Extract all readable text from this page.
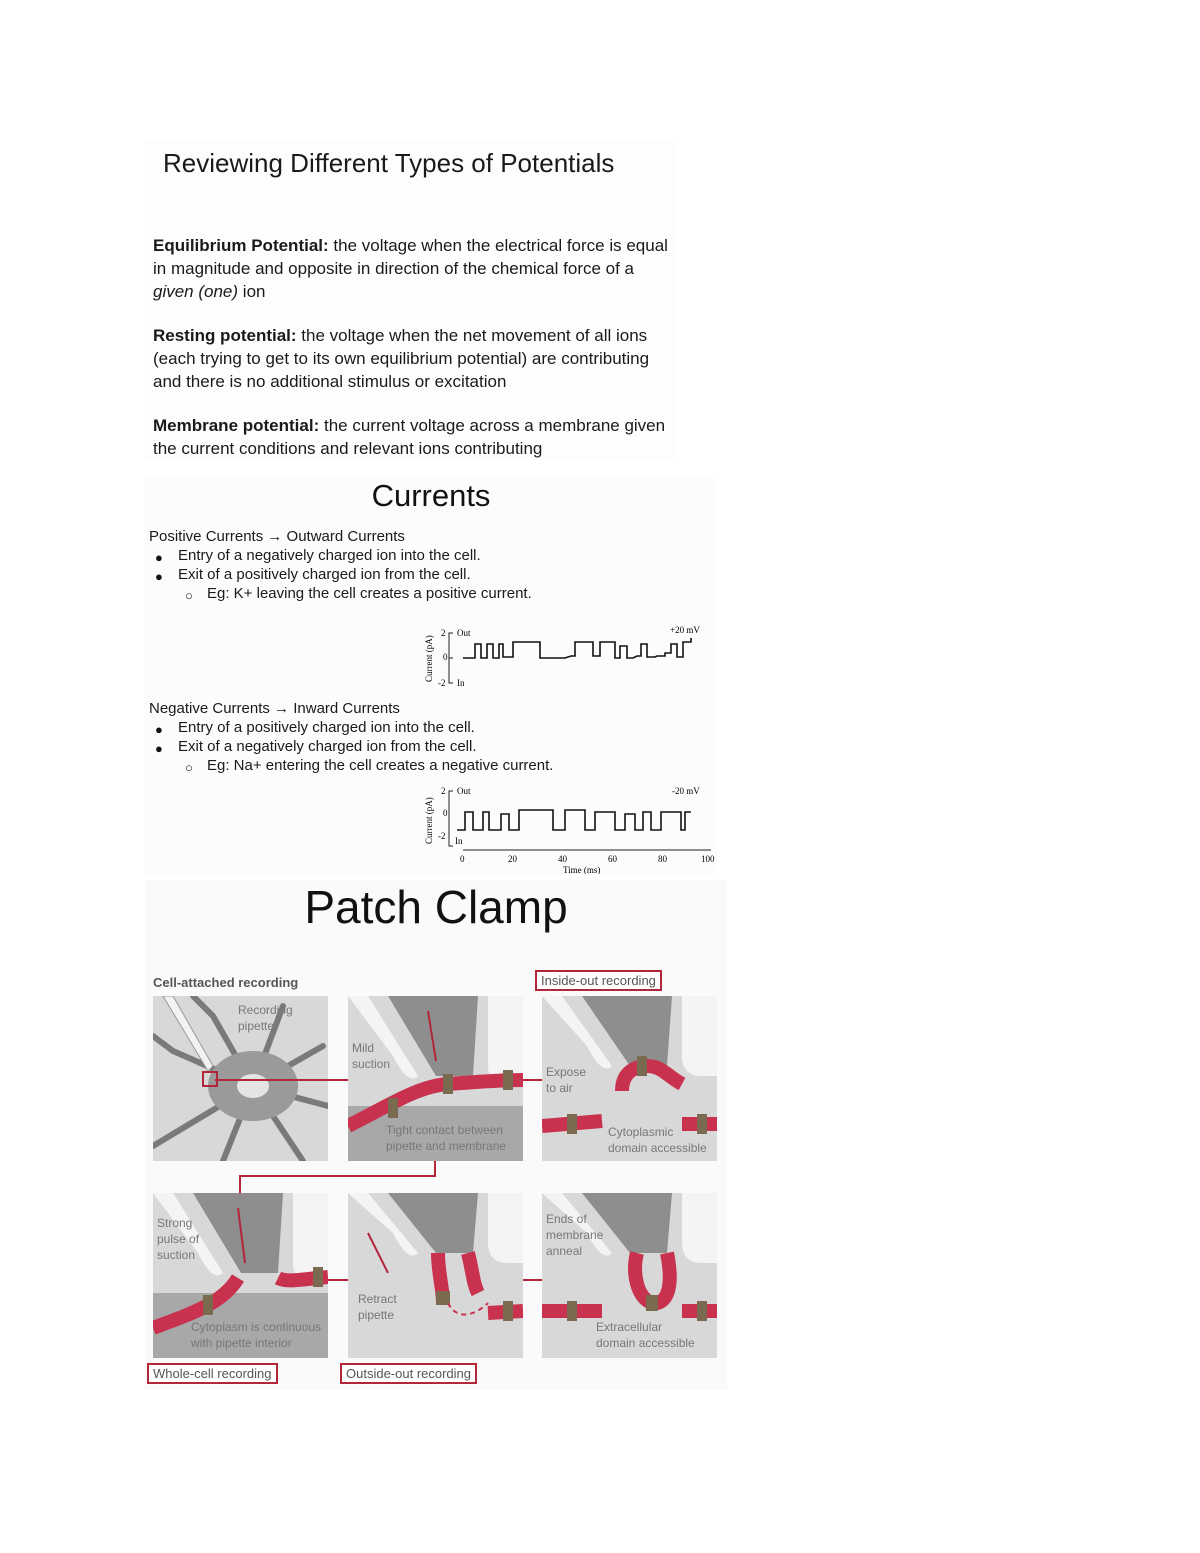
Reviewing Different Types of Potentials
Equilibrium Potential: the voltage when the electrical force is equal in magnitude and opposite in direction of the chemical force of a given (one) ion
Resting potential: the voltage when the net movement of all ions (each trying to get to its own equilibrium potential) are contributing and there is no additional stimulus or excitation
Membrane potential: the current voltage across a membrane given the current conditions and relevant ions contributing
Currents
Positive Currents → Outward Currents
● Entry of a negatively charged ion into the cell.
● Exit of a positively charged ion from the cell.
○ Eg: K+ leaving the cell creates a positive current.
Current (pA)
2
0
-2
Out
In
+20 mV
Negative Currents → Inward Currents
● Entry of a positively charged ion into the cell.
● Exit of a negatively charged ion from the cell.
○ Eg: Na+ entering the cell creates a negative current.
Current (pA)
2
0
-2
Out
In
-20 mV
0	20	40	60	80	100
Time (ms)
Patch Clamp
Cell-attached recording	Inside-out recording
Recording
pipette
Mild
suction
Tight contact between
pipette and membrane
Expose
to air
Cytoplasmic
domain accessible
Strong
pulse of
suction
Cytoplasm is continuous
with pipette interior
Retract
pipette
Ends of
membrane
anneal
Extracellular
domain accessible
Whole-cell recording	Outside-out recording
